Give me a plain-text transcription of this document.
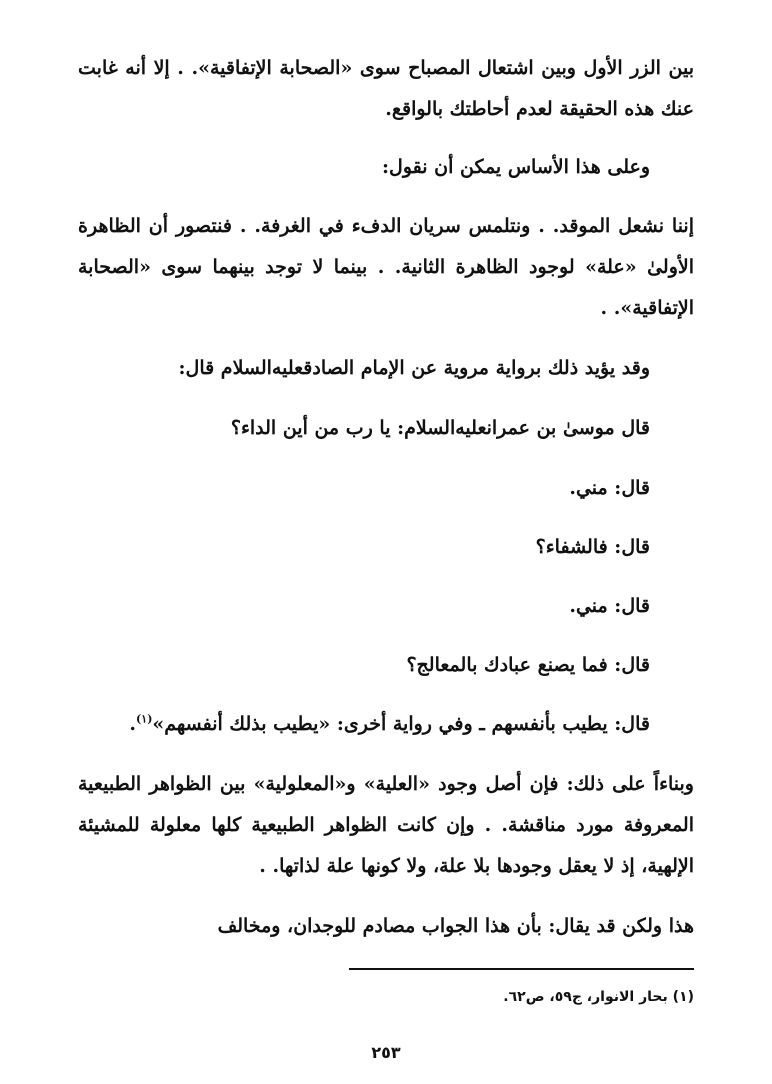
بين الزر الأول وبين اشتعال المصباح سوى «الصحابة الإتفاقية». . إلا أنه غابت عنك هذه الحقيقة لعدم أحاطتك بالواقع.
وعلى هذا الأساس يمكن أن نقول:
إننا نشعل الموقد. . ونتلمس سريان الدفء في الغرفة. . فنتصور أن الظاهرة الأولىٰ «علة» لوجود الظاهرة الثانية. . بينما لا توجد بينهما سوى «الصحابة الإتفاقية». .
وقد يؤيد ذلك برواية مروية عن الإمام الصادقعليه‌السلام قال:
قال موسىٰ بن عمرانعليه‌السلام: يا رب من أين الداء؟
قال: مني.
قال: فالشفاء؟
قال: مني.
قال: فما يصنع عبادك بالمعالج؟
قال: يطيب بأنفسهم ـ وفي رواية أخرى: «يطيب بذلك أنفسهم»$^{(١)}$.
وبناءاً على ذلك: فإن أصل وجود «العلية» و«المعلولية» بين الظواهر الطبيعية المعروفة مورد مناقشة. . وإن كانت الظواهر الطبيعية كلها معلولة للمشيئة الإلهية، إذ لا يعقل وجودها بلا علة، ولا كونها علة لذاتها. .
هذا ولكن قد يقال: بأن هذا الجواب مصادم للوجدان، ومخالف
(١) بحار الانوار، ج٥٩، ص٦٢.
٢٥٣
